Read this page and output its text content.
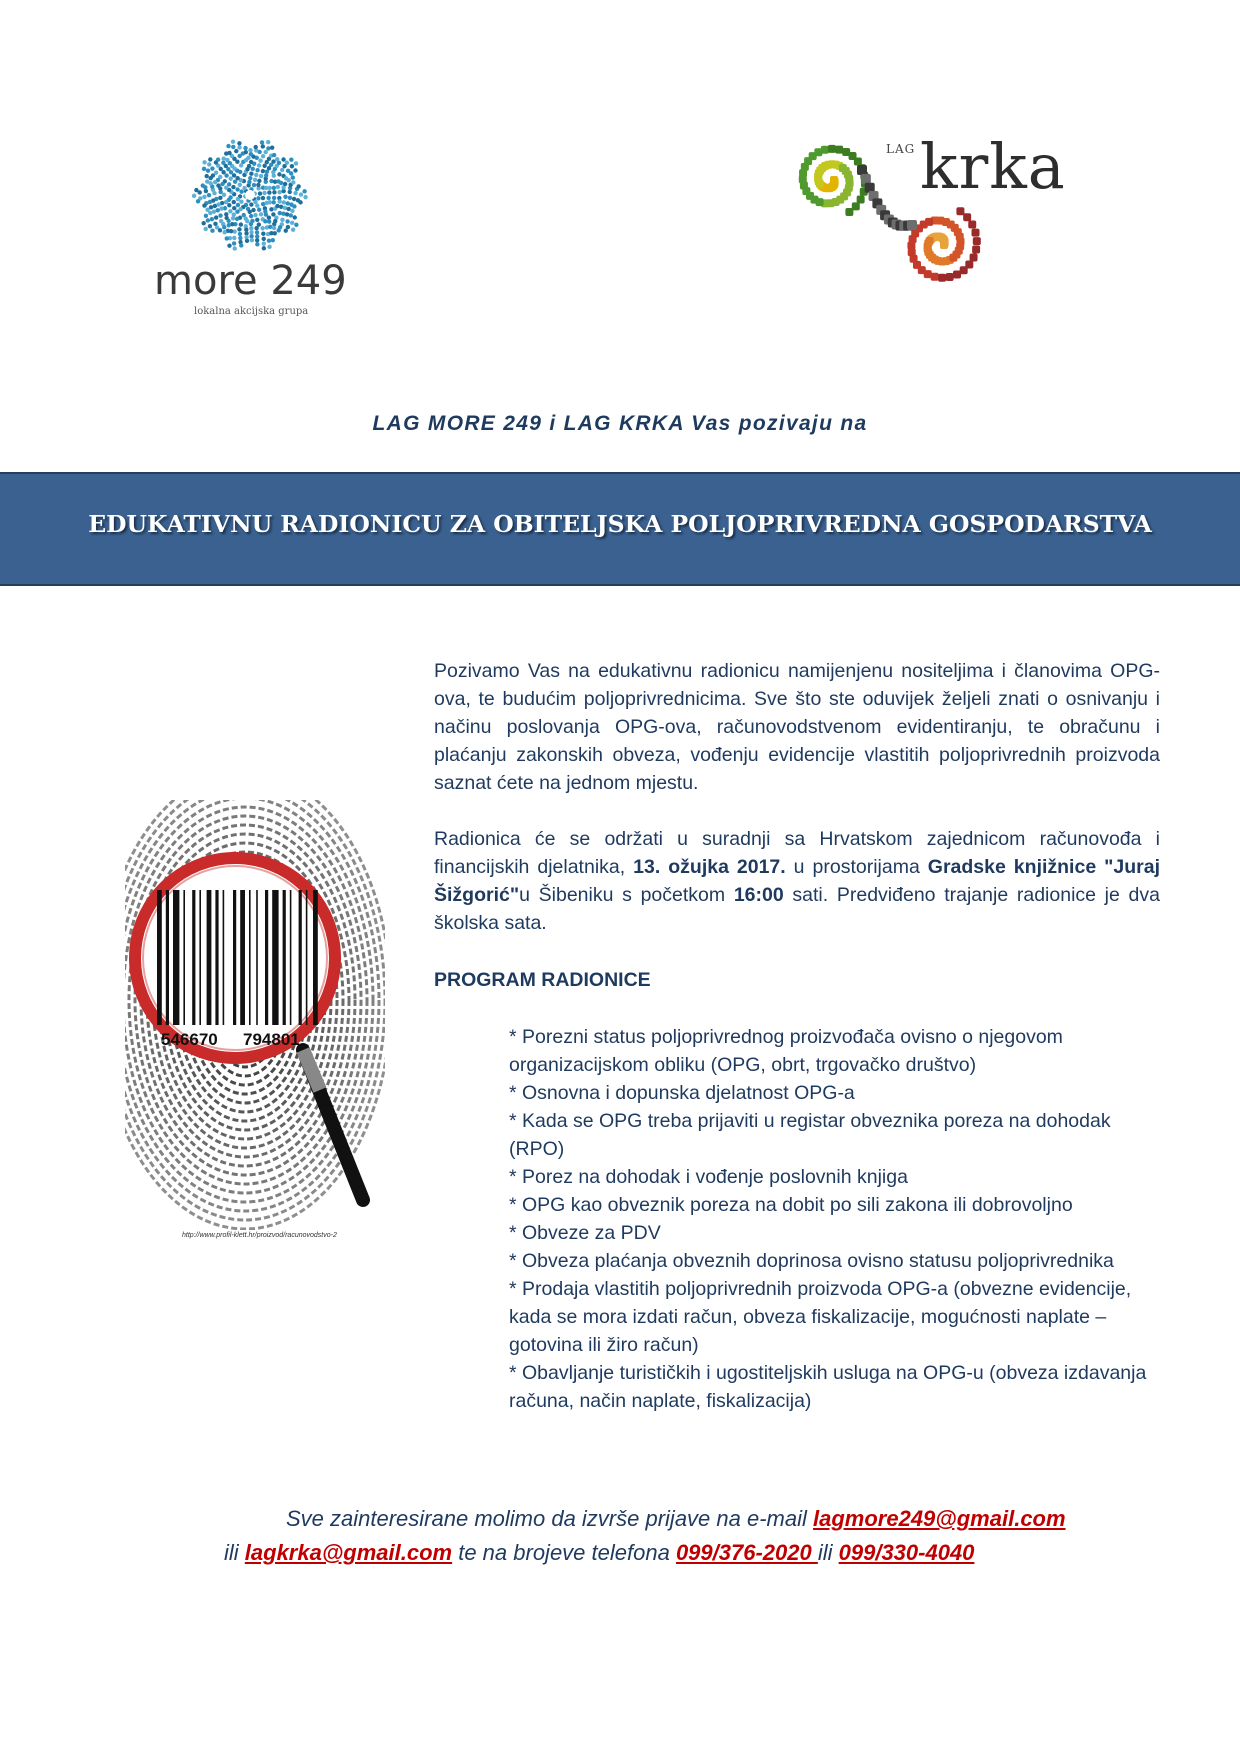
more 249
lokalna akcijska grupa
LAG krka
LAG MORE 249 i LAG KRKA Vas pozivaju na
EDUKATIVNU RADIONICU ZA OBITELJSKA POLJOPRIVREDNA GOSPODARSTVA
546670 794801
http://www.profil-klett.hr/proizvod/racunovodstvo-2
Pozivamo Vas na edukativnu radionicu namijenjenu nositeljima i članovima OPG-ova, te budućim poljoprivrednicima. Sve što ste oduvijek željeli znati o osnivanju i načinu poslovanja OPG-ova, računovodstvenom evidentiranju, te obračunu i plaćanju zakonskih obveza, vođenju evidencije vlastitih poljoprivrednih proizvoda saznat ćete na jednom mjestu.
Radionica će se održati u suradnji sa Hrvatskom zajednicom računovođa i financijskih djelatnika, 13. ožujka 2017. u prostorijama Gradske knjižnice "Juraj Šižgorić"u Šibeniku s početkom 16:00 sati. Predviđeno trajanje radionice je dva školska sata.
PROGRAM RADIONICE
* Porezni status poljoprivrednog proizvođača ovisno o njegovom organizacijskom obliku (OPG, obrt, trgovačko društvo)
* Osnovna i dopunska djelatnost OPG-a
* Kada se OPG treba prijaviti u registar obveznika poreza na dohodak (RPO)
* Porez na dohodak i vođenje poslovnih knjiga
* OPG kao obveznik poreza na dobit po sili zakona ili dobrovoljno
* Obveze za PDV
* Obveza plaćanja obveznih doprinosa ovisno statusu poljoprivrednika
* Prodaja vlastitih poljoprivrednih proizvoda OPG-a (obvezne evidencije, kada se mora izdati račun, obveza fiskalizacije, mogućnosti naplate – gotovina ili žiro račun)
* Obavljanje turističkih i ugostiteljskih usluga na OPG-u (obveza izdavanja računa, način naplate, fiskalizacija)
Sve zainteresirane molimo da izvrše prijave na e-mail lagmore249@gmail.com
ili lagkrka@gmail.com te na brojeve telefona 099/376-2020 ili 099/330-4040
